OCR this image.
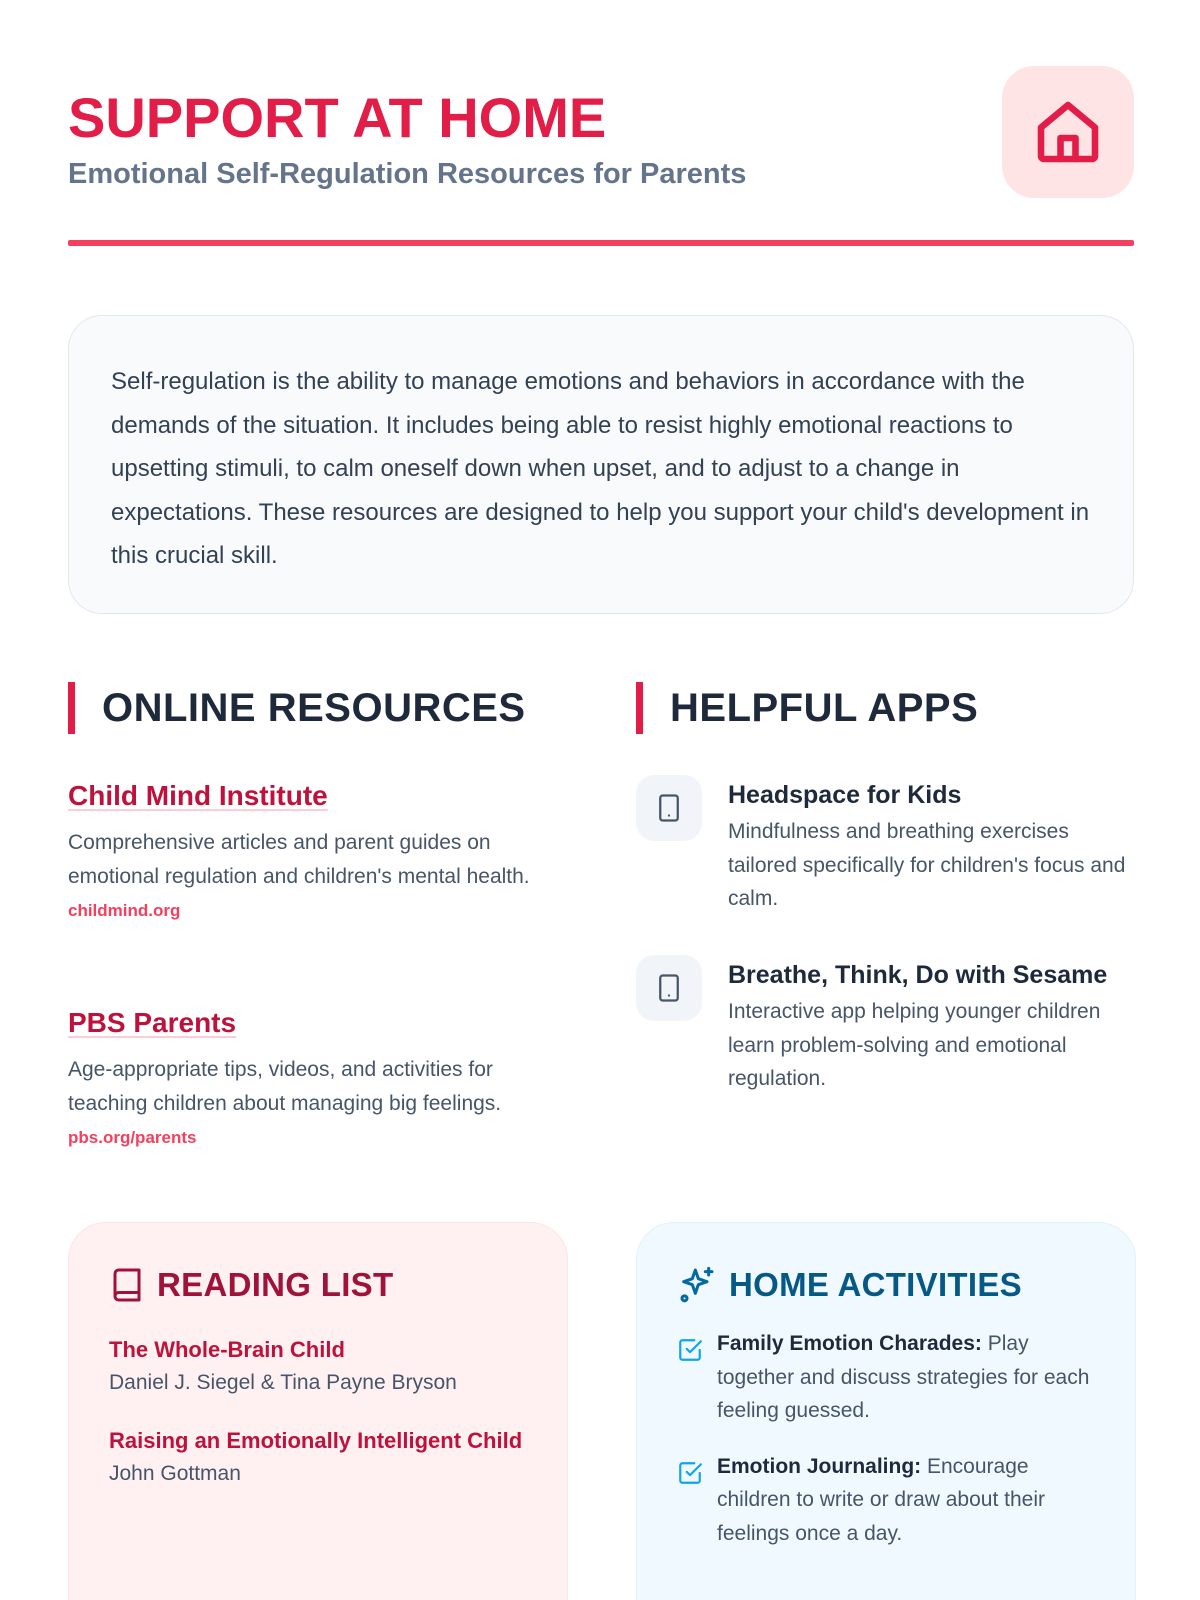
SUPPORT AT HOME
Emotional Self-Regulation Resources for Parents

Self-regulation is the ability to manage emotions and behaviors in accordance with the demands of the situation. It includes being able to resist highly emotional reactions to upsetting stimuli, to calm oneself down when upset, and to adjust to a change in expectations. These resources are designed to help you support your child's development in this crucial skill.

ONLINE RESOURCES
Child Mind Institute
Comprehensive articles and parent guides on emotional regulation and children's mental health.
childmind.org
PBS Parents
Age-appropriate tips, videos, and activities for teaching children about managing big feelings.
pbs.org/parents
HELPFUL APPS
Headspace for Kids
Mindfulness and breathing exercises tailored specifically for children's focus and calm.
Breathe, Think, Do with Sesame
Interactive app helping younger children learn problem-solving and emotional regulation.
READING LIST
The Whole-Brain Child
Daniel J. Siegel & Tina Payne Bryson
Raising an Emotionally Intelligent Child
John Gottman
HOME ACTIVITIES
Family Emotion Charades: Play together and discuss strategies for each feeling guessed.
Emotion Journaling: Encourage children to write or draw about their feelings once a day.
